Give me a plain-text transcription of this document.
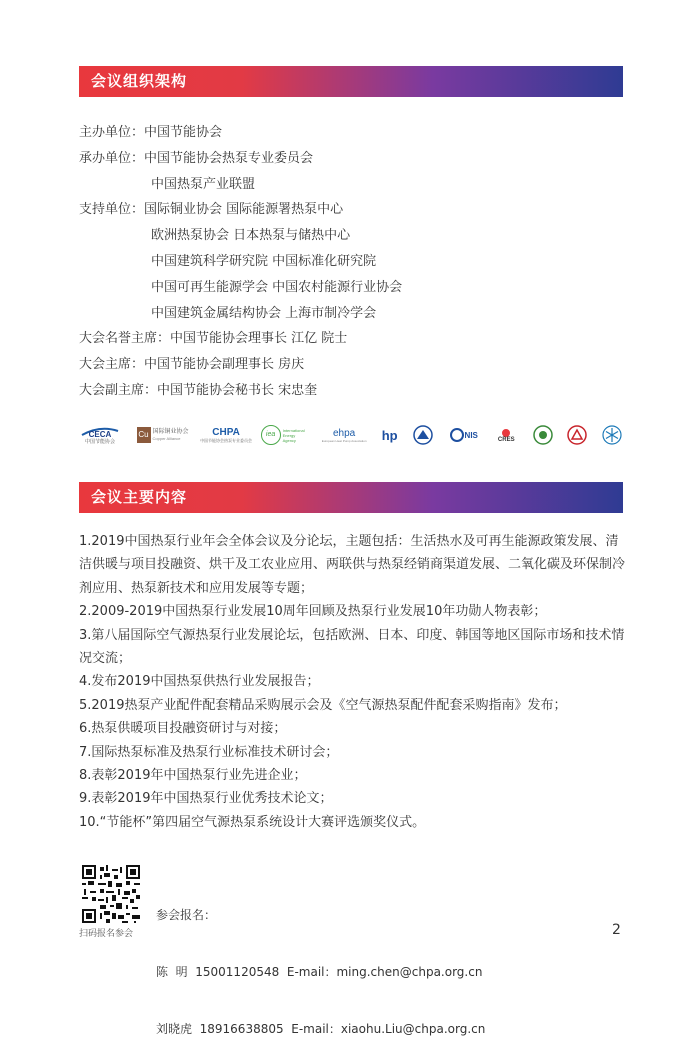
会议组织架构
主办单位：中国节能协会
承办单位：中国节能协会热泵专业委员会
中国热泵产业联盟
支持单位：国际铜业协会 国际能源署热泵中心
欧洲热泵协会 日本热泵与储热中心
中国建筑科学研究院 中国标准化研究院
中国可再生能源学会 中国农村能源行业协会
中国建筑金属结构协会 上海市制冷学会
大会名誉主席：中国节能协会理事长 江亿 院士
大会主席：中国节能协会副理事长 房庆
大会副主席：中国节能协会秘书长 宋忠奎
CECA
中国节能协会
Cu 国际铜业协会
Copper Alliance
CHPA
中国节能协会热泵专业委员会
iea
International Energy Agency
ehpa
European Heat Pump Association hp	NIS	CRES
会议主要内容

1.2019中国热泵行业年会全体会议及分论坛，主题包括：生活热水及可再生能源政策发展、清洁供暖与项目投融资、烘干及工农业应用、两联供与热泵经销商渠道发展、二氧化碳及环保制冷剂应用、热泵新技术和应用发展等专题；

2.2009-2019中国热泵行业发展10周年回顾及热泵行业发展10年功勋人物表彰；

3.第八届国际空气源热泵行业发展论坛，包括欧洲、日本、印度、韩国等地区国际市场和技术情况交流；

4.发布2019中国热泵供热行业发展报告；

5.2019热泵产业配件配套精品采购展示会及《空气源热泵配件配套采购指南》发布；

6.热泵供暖项目投融资研讨与对接；

7.国际热泵标准及热泵行业标准技术研讨会；

8.表彰2019年中国热泵行业先进企业；

9.表彰2019年中国热泵行业优秀技术论文；

10.“节能杯”第四届空气源热泵系统设计大赛评选颁奖仪式。

扫码报名参会

参会报名：

陈  明  15001120548  E-mail：ming.chen@chpa.org.cn

刘晓虎  18916638805  E-mail：xiaohu.Liu@chpa.org.cn

2
